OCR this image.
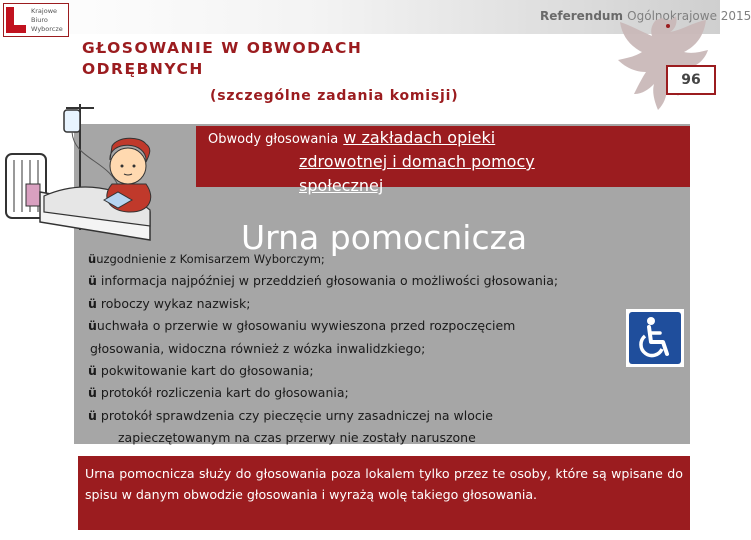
Krajowe
Biuro
Wyborcze
Referendum Ogólnokrajowe 2015
96
GŁOSOWANIE W OBWODACH
ODRĘBNYCH
(szczególne zadania komisji)
Obwody głosowania w zakładach opieki
zdrowotnej i domach pomocy
społecznej
Urna pomocnicza
üuzgodnienie z Komisarzem Wyborczym;
ü informacja najpóźniej w przeddzień głosowania o możliwości głosowania;
ü roboczy wykaz nazwisk;
üuchwała o przerwie w głosowaniu wywieszona przed rozpoczęciem
głosowania, widoczna również z wózka inwalidzkiego;
ü pokwitowanie kart do głosowania;
ü protokół rozliczenia kart do głosowania;
ü protokół sprawdzenia czy pieczęcie urny zasadniczej na wlocie
zapieczętowanym na czas przerwy nie zostały naruszone
Urna pomocnicza służy do głosowania poza lokalem tylko przez te osoby, które są wpisane do spisu w danym obwodzie głosowania i wyrażą wolę takiego głosowania.
